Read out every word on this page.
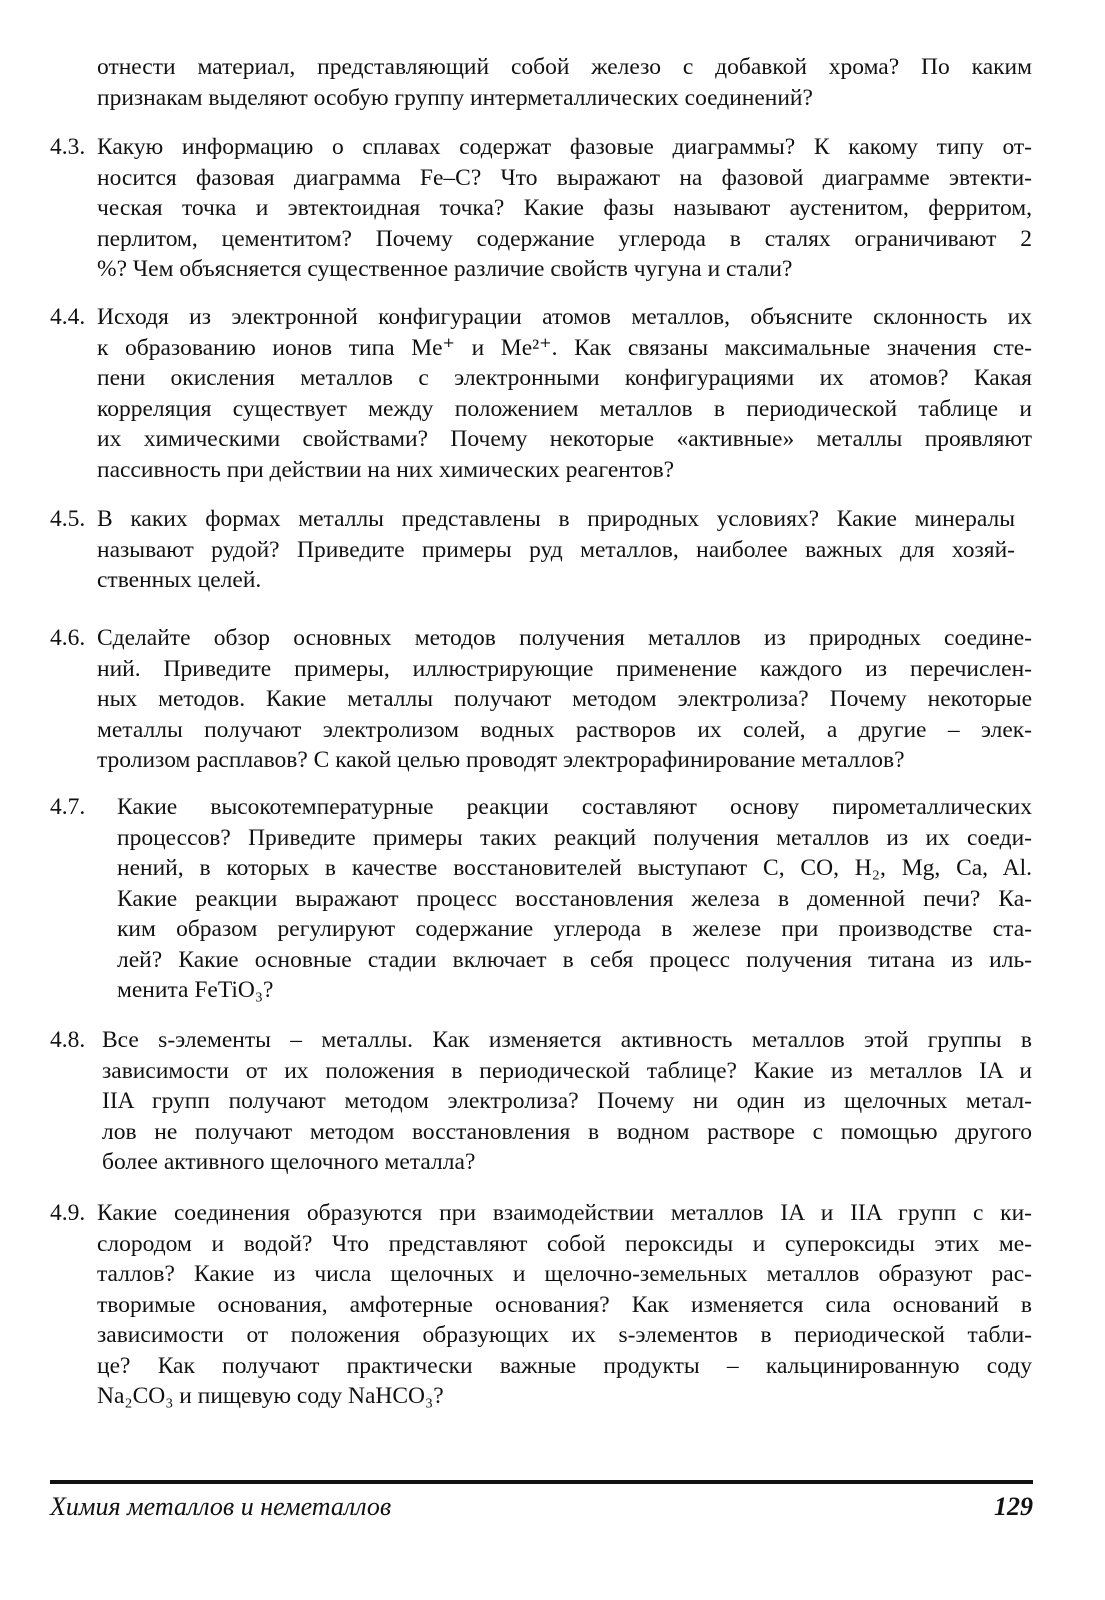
отнести материал, представляющий собой железо с добавкой хрома? По каким
признакам выделяют особую группу интерметаллических соединений?
4.3. Какую информацию о сплавах содержат фазовые диаграммы? К какому типу от-
носится фазовая диаграмма Fe–C? Что выражают на фазовой диаграмме эвтекти-
ческая точка и эвтектоидная точка? Какие фазы называют аустенитом, ферритом,
перлитом, цементитом? Почему содержание углерода в сталях ограничивают 2
%? Чем объясняется существенное различие свойств чугуна и стали?
4.4. Исходя из электронной конфигурации атомов металлов, объясните склонность их
к образованию ионов типа Me⁺ и Me²⁺. Как связаны максимальные значения сте-
пени окисления металлов с электронными конфигурациями их атомов? Какая
корреляция существует между положением металлов в периодической таблице и
их химическими свойствами? Почему некоторые «активные» металлы проявляют
пассивность при действии на них химических реагентов?
4.5. В каких формах металлы представлены в природных условиях? Какие минералы
называют рудой? Приведите примеры руд металлов, наиболее важных для хозяй-
ственных целей.
4.6. Сделайте обзор основных методов получения металлов из природных соедине-
ний. Приведите примеры, иллюстрирующие применение каждого из перечислен-
ных методов. Какие металлы получают методом электролиза? Почему некоторые
металлы получают электролизом водных растворов их солей, а другие – элек-
тролизом расплавов? С какой целью проводят электрорафинирование металлов?
4.7. Какие высокотемпературные реакции составляют основу пирометаллических
процессов? Приведите примеры таких реакций получения металлов из их соеди-
нений, в которых в качестве восстановителей выступают C, CO, H₂, Mg, Ca, Al.
Какие реакции выражают процесс восстановления железа в доменной печи? Ка-
ким образом регулируют содержание углерода в железе при производстве ста-
лей? Какие основные стадии включает в себя процесс получения титана из иль-
менита FeTiO₃?
4.8. Все s-элементы – металлы. Как изменяется активность металлов этой группы в
зависимости от их положения в периодической таблице? Какие из металлов IA и
IIA групп получают методом электролиза? Почему ни один из щелочных метал-
лов не получают методом восстановления в водном растворе с помощью другого
более активного щелочного металла?
4.9. Какие соединения образуются при взаимодействии металлов IA и IIA групп с ки-
слородом и водой? Что представляют собой пероксиды и супероксиды этих ме-
таллов? Какие из числа щелочных и щелочно-земельных металлов образуют рас-
творимые основания, амфотерные основания? Как изменяется сила оснований в
зависимости от положения образующих их s-элементов в периодической табли-
це? Как получают практически важные продукты – кальцинированную соду
Na₂CO₃ и пищевую соду NaHCO₃?
Химия металлов и неметаллов	129
